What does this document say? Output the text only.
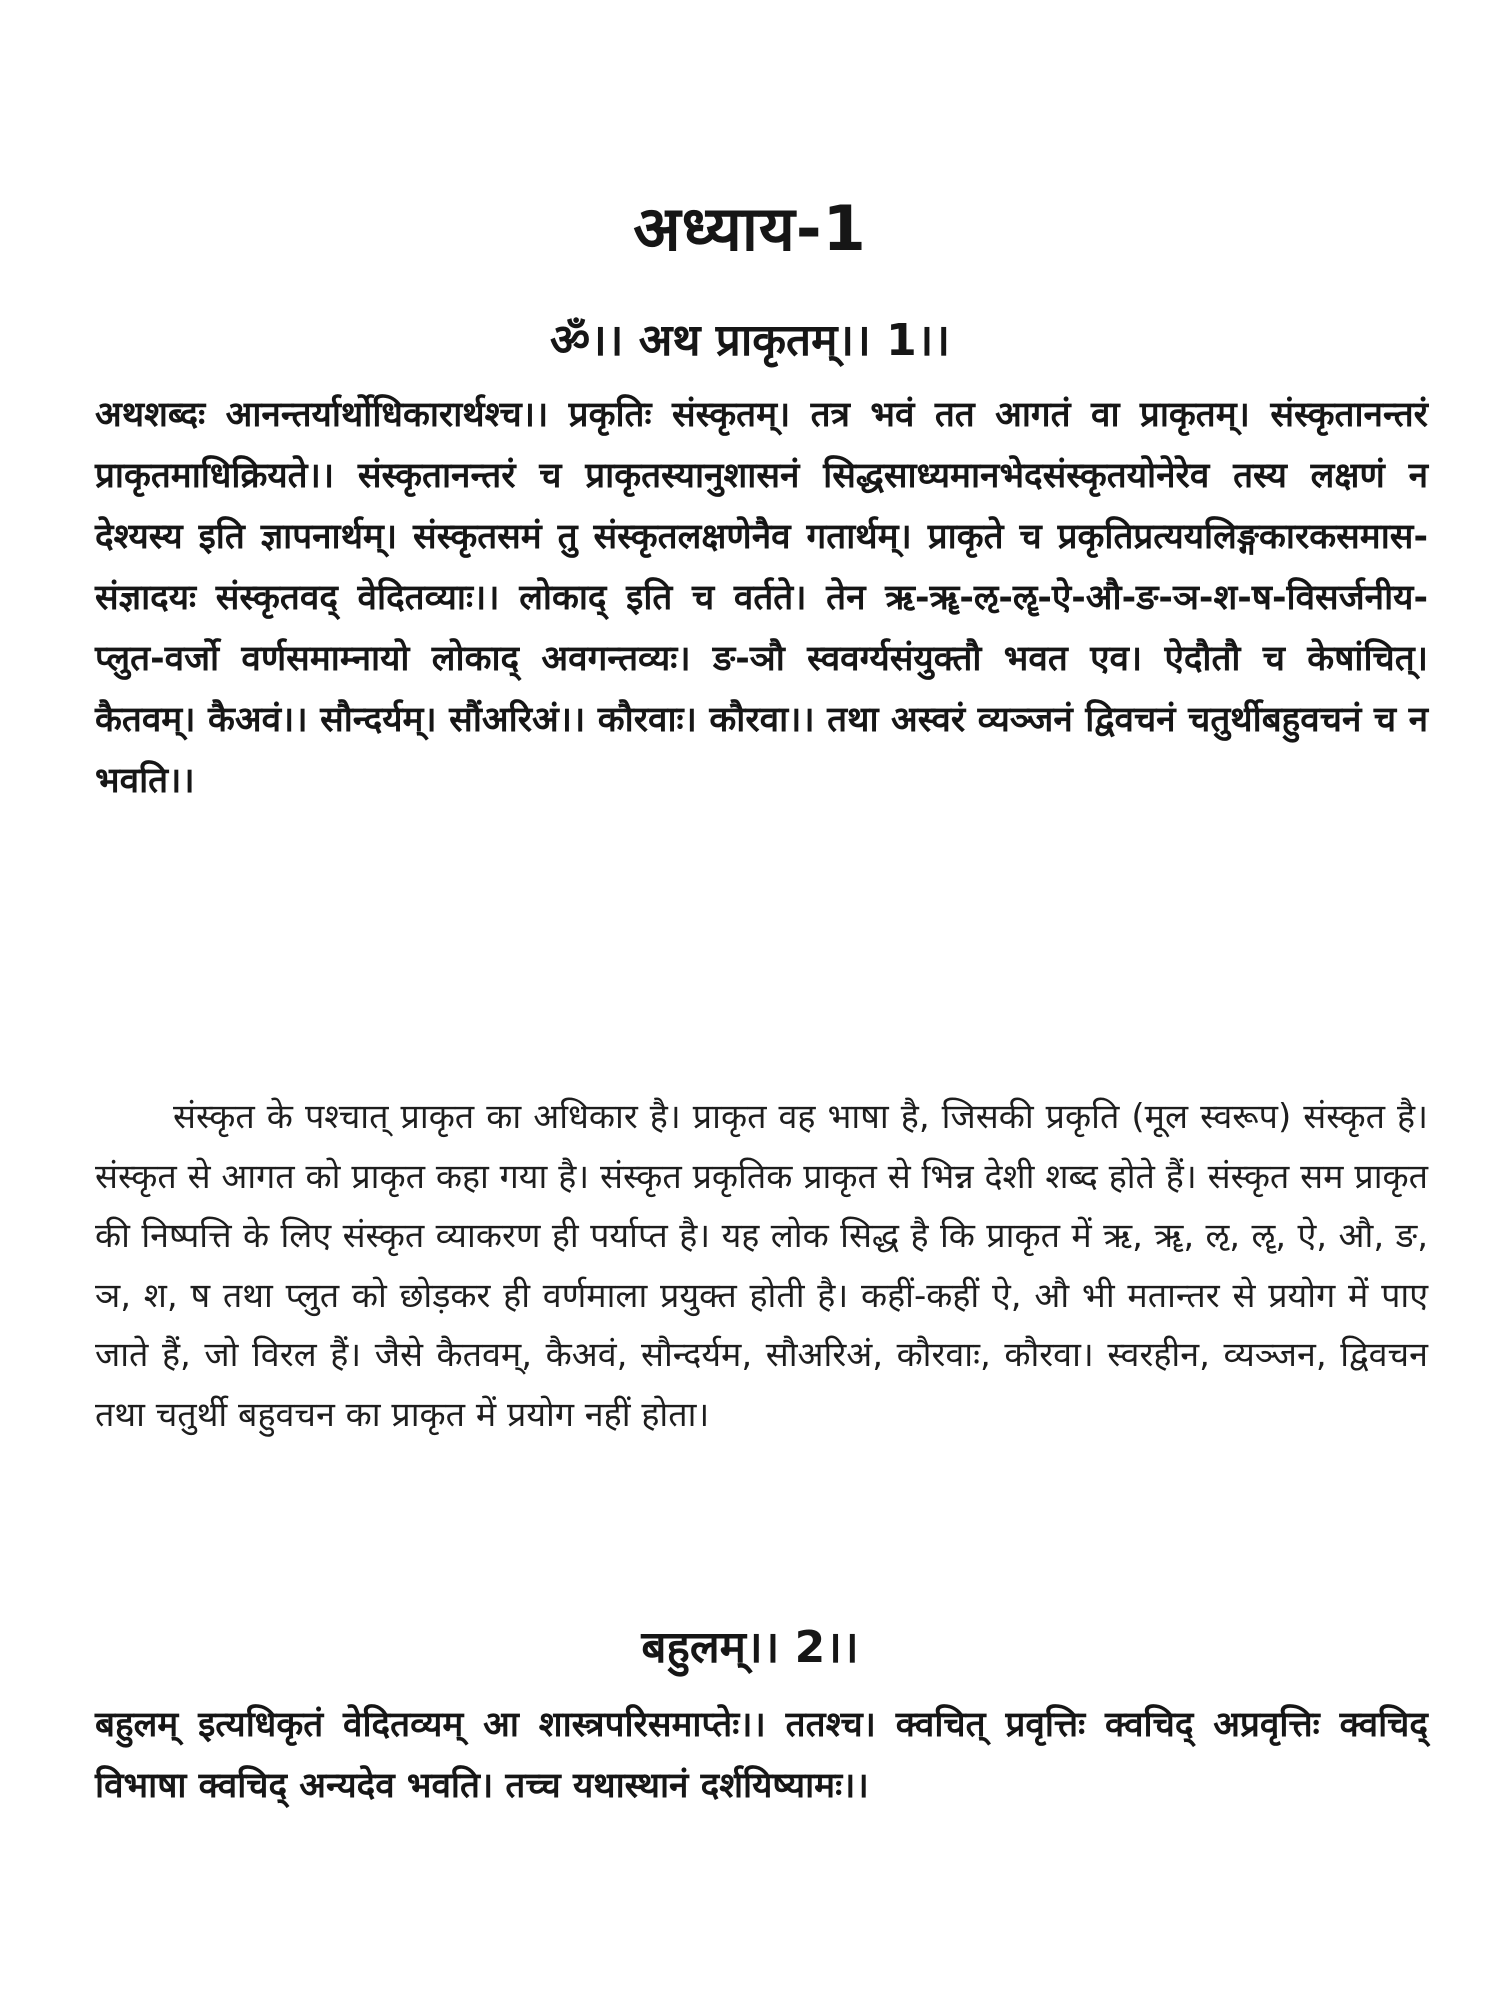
अध्याय-1
ॐ।। अथ प्राकृतम्।। 1।।

अथशब्दः आनन्तर्यार्थोधिकारार्थश्च।। प्रकृतिः संस्कृतम्। तत्र भवं तत आगतं वा प्राकृतम्। संस्कृतानन्तरं प्राकृतमाधिक्रियते।। संस्कृतानन्तरं च प्राकृतस्यानुशासनं सिद्धसाध्यमानभेदसंस्कृतयोनेरेव तस्य लक्षणं न देश्यस्य इति ज्ञापनार्थम्। संस्कृतसमं तु संस्कृतलक्षणेनैव गतार्थम्। प्राकृते च प्रकृतिप्रत्ययलिङ्गकारकसमास-संज्ञादयः संस्कृतवद् वेदितव्याः।। लोकाद् इति च वर्तते। तेन ऋ-ॠ-ऌ-ॡ-ऐ-औ-ङ-ञ-श-ष-विसर्जनीय-प्लुत-वर्जो वर्णसमाम्नायो लोकाद् अवगन्तव्यः। ङ-ञौ स्ववर्ग्यसंयुक्तौ भवत एव। ऐदौतौ च केषांचित्। कैतवम्। कैअवं।। सौन्दर्यम्। सौंअरिअं।। कौरवाः। कौरवा।। तथा अस्वरं व्यञ्जनं द्विवचनं चतुर्थीबहुवचनं च न भवति।।

संस्कृत के पश्चात् प्राकृत का अधिकार है। प्राकृत वह भाषा है, जिसकी प्रकृति (मूल स्वरूप) संस्कृत है। संस्कृत से आगत को प्राकृत कहा गया है। संस्कृत प्रकृतिक प्राकृत से भिन्न देशी शब्द होते हैं। संस्कृत सम प्राकृत की निष्पत्ति के लिए संस्कृत व्याकरण ही पर्याप्त है। यह लोक सिद्ध है कि प्राकृत में ऋ, ॠ, ऌ, ॡ, ऐ, औ, ङ, ञ, श, ष तथा प्लुत को छोड़कर ही वर्णमाला प्रयुक्त होती है। कहीं-कहीं ऐ, औ भी मतान्तर से प्रयोग में पाए जाते हैं, जो विरल हैं। जैसे कैतवम्, कैअवं, सौन्दर्यम, सौअरिअं, कौरवाः, कौरवा। स्वरहीन, व्यञ्जन, द्विवचन तथा चतुर्थी बहुवचन का प्राकृत में प्रयोग नहीं होता।

बहुलम्।। 2।।

बहुलम् इत्यधिकृतं वेदितव्यम् आ शास्त्रपरिसमाप्तेः।। ततश्च। क्वचित् प्रवृत्तिः क्वचिद् अप्रवृत्तिः क्वचिद् विभाषा क्वचिद् अन्यदेव भवति। तच्च यथास्थानं दर्शयिष्यामः।।
